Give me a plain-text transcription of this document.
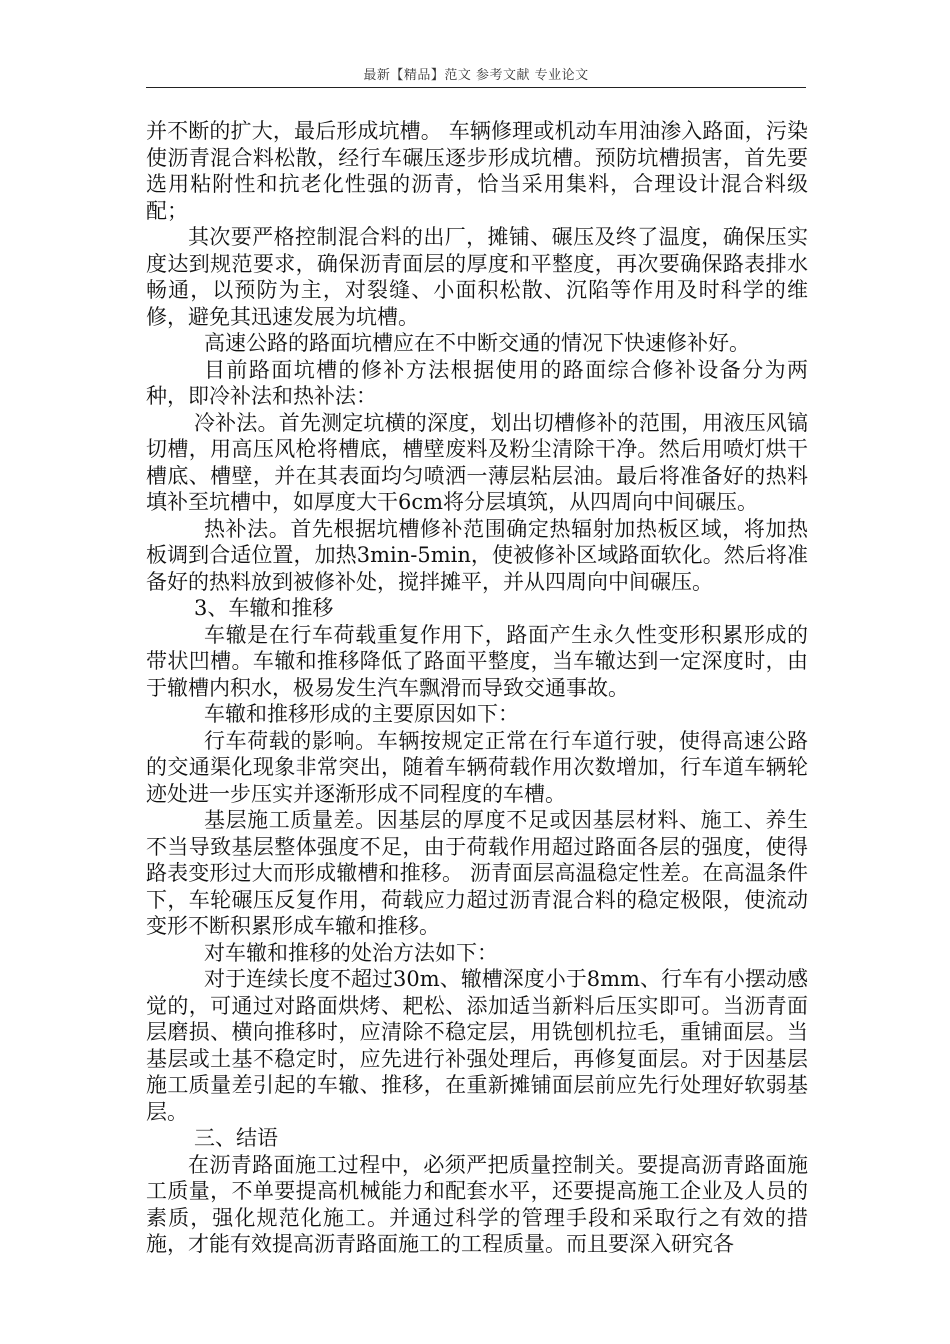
最新【精品】范文 参考文献 专业论文

并不断的扩大，最后形成坑槽。 车辆修理或机动车用油渗入路面，污染使沥青混合料松散，经行车碾压逐步形成坑槽。预防坑槽损害，首先要选用粘附性和抗老化性强的沥青，恰当采用集料，合理设计混合料级配；

其次要严格控制混合料的出厂，摊铺、碾压及终了温度，确保压实度达到规范要求，确保沥青面层的厚度和平整度，再次要确保路表排水畅通，以预防为主，对裂缝、小面积松散、沉陷等作用及时科学的维修，避免其迅速发展为坑槽。

高速公路的路面坑槽应在不中断交通的情况下快速修补好。

目前路面坑槽的修补方法根据使用的路面综合修补设备分为两种，即冷补法和热补法：

冷补法。首先测定坑横的深度，划出切槽修补的范围，用液压风镐切槽，用高压风枪将槽底，槽壁废料及粉尘清除干净。然后用喷灯烘干槽底、槽壁，并在其表面均匀喷洒一薄层粘层油。最后将准备好的热料填补至坑槽中，如厚度大干6cm将分层填筑，从四周向中间碾压。

热补法。首先根据坑槽修补范围确定热辐射加热板区域，将加热板调到合适位置，加热3min-5min，使被修补区域路面软化。然后将准备好的热料放到被修补处，搅拌摊平，并从四周向中间碾压。

3、车辙和推移

车辙是在行车荷载重复作用下，路面产生永久性变形积累形成的带状凹槽。车辙和推移降低了路面平整度，当车辙达到一定深度时，由于辙槽内积水，极易发生汽车飘滑而导致交通事故。

车辙和推移形成的主要原因如下：

行车荷载的影响。车辆按规定正常在行车道行驶，使得高速公路的交通渠化现象非常突出，随着车辆荷载作用次数增加，行车道车辆轮迹处进一步压实并逐渐形成不同程度的车槽。

基层施工质量差。因基层的厚度不足或因基层材料、施工、养生不当导致基层整体强度不足，由于荷载作用超过路面各层的强度，使得路表变形过大而形成辙槽和推移。 沥青面层高温稳定性差。在高温条件下，车轮碾压反复作用，荷载应力超过沥青混合料的稳定极限，使流动变形不断积累形成车辙和推移。

对车辙和推移的处治方法如下：

对于连续长度不超过30m、辙槽深度小于8mm、行车有小摆动感觉的，可通过对路面烘烤、耙松、添加适当新料后压实即可。当沥青面层磨损、横向推移时，应清除不稳定层，用铣刨机拉毛，重铺面层。当基层或土基不稳定时，应先进行补强处理后，再修复面层。对于因基层施工质量差引起的车辙、推移，在重新摊铺面层前应先行处理好软弱基层。

三、结语

在沥青路面施工过程中，必须严把质量控制关。要提高沥青路面施工质量，不单要提高机械能力和配套水平，还要提高施工企业及人员的素质，强化规范化施工。并通过科学的管理手段和采取行之有效的措施，才能有效提高沥青路面施工的工程质量。而且要深入研究各
